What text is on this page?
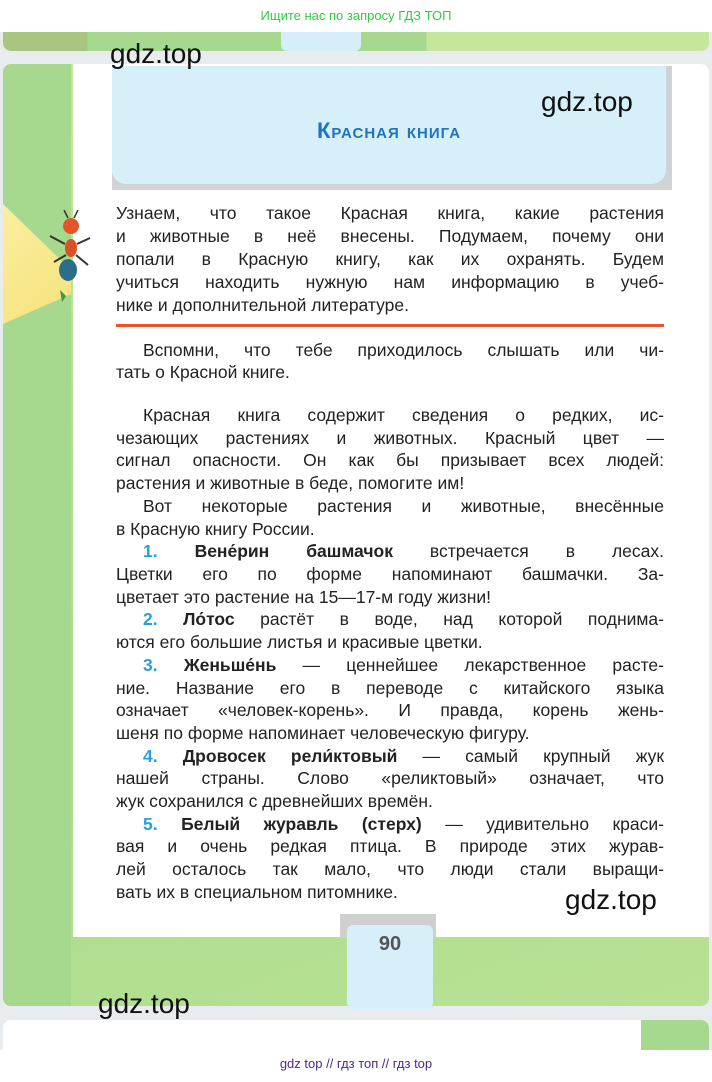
Ищите нас по запросу ГДЗ ТОП
Красная книга
Узнаем, что такое Красная книга, какие растения
и животные в неё внесены. Подумаем, почему они
попали в Красную книгу, как их охранять. Будем
учиться находить нужную нам информацию в учеб-
нике и дополнительной литературе.
Вспомни, что тебе приходилось слышать или чи-
тать о Красной книге.
Красная книга содержит сведения о редких, ис-
чезающих растениях и животных. Красный цвет —
сигнал опасности. Он как бы призывает всех людей:
растения и животные в беде, помогите им!
Вот некоторые растения и животные, внесённые
в Красную книгу России.
1. Вене́рин башмачок встречается в лесах.
Цветки его по форме напоминают башмачки. За-
цветает это растение на 15—17-м году жизни!
2. Ло́тос растёт в воде, над которой поднима-
ются его большие листья и красивые цветки.
3. Женьше́нь — ценнейшее лекарственное расте-
ние. Название его в переводе с китайского языка
означает «человек-корень». И правда, корень жень-
шеня по форме напоминает человеческую фигуру.
4. Дровосек рели́ктовый — самый крупный жук
нашей страны. Слово «реликтовый» означает, что
жук сохранился с древнейших времён.
5. Белый журавль (стерх) — удивительно краси-
вая и очень редкая птица. В природе этих журав-
лей осталось так мало, что люди стали выращи-
вать их в специальном питомнике.
90
gdz.top
gdz.top
gdz.top
gdz.top
gdz top // гдз топ // гдз top
